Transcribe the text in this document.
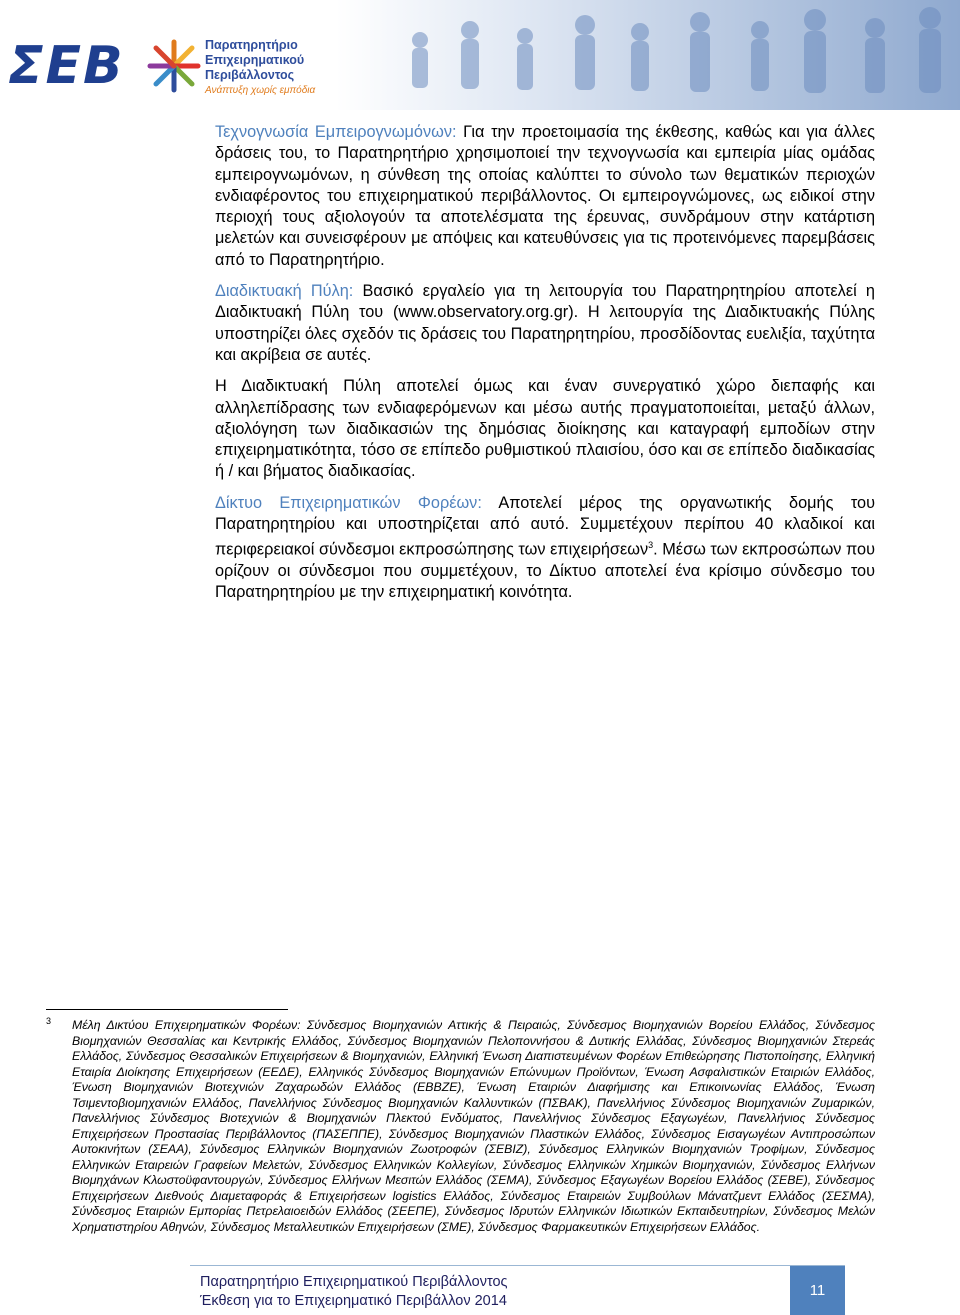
ΣΕΒ	Παρατηρητήριο
Επιχειρηματικού
Περιβάλλοντος
Ανάπτυξη χωρίς εμπόδια

Τεχνογνωσία Εμπειρογνωμόνων: Για την προετοιμασία της έκθεσης, καθώς και για άλλες δράσεις του, το Παρατηρητήριο χρησιμοποιεί την τεχνογνωσία και εμπειρία μίας ομάδας εμπειρογνωμόνων, η σύνθεση της οποίας καλύπτει το σύνολο των θεματικών περιοχών ενδιαφέροντος του επιχειρηματικού περιβάλλοντος. Οι εμπειρογνώμονες, ως ειδικοί στην περιοχή τους αξιολογούν τα αποτελέσματα της έρευνας, συνδράμουν στην κατάρτιση μελετών και συνεισφέρουν με απόψεις και κατευθύνσεις για τις προτεινόμενες παρεμβάσεις από το Παρατηρητήριο.

Διαδικτυακή Πύλη: Βασικό εργαλείο για τη λειτουργία του Παρατηρητηρίου αποτελεί η Διαδικτυακή Πύλη του (www.observatory.org.gr). Η λειτουργία της Διαδικτυακής Πύλης υποστηρίζει όλες σχεδόν τις δράσεις του Παρατηρητηρίου, προσδίδοντας ευελιξία, ταχύτητα και ακρίβεια σε αυτές.

Η Διαδικτυακή Πύλη αποτελεί όμως και έναν συνεργατικό χώρο διεπαφής και αλληλεπίδρασης των ενδιαφερόμενων και μέσω αυτής πραγματοποιείται, μεταξύ άλλων, αξιολόγηση των διαδικασιών της δημόσιας διοίκησης και καταγραφή εμποδίων στην επιχειρηματικότητα, τόσο σε επίπεδο ρυθμιστικού πλαισίου, όσο και σε επίπεδο διαδικασίας ή / και βήματος διαδικασίας.

Δίκτυο Επιχειρηματικών Φορέων: Αποτελεί μέρος της οργανωτικής δομής του Παρατηρητηρίου και υποστηρίζεται από αυτό. Συμμετέχουν περίπου 40 κλαδικοί και περιφερειακοί σύνδεσμοι εκπροσώπησης των επιχειρήσεων$^3$. Μέσω των εκπροσώπων που ορίζουν οι σύνδεσμοι που συμμετέχουν, το Δίκτυο αποτελεί ένα κρίσιμο σύνδεσμο του Παρατηρητηρίου με την επιχειρηματική κοινότητα.

3 Μέλη Δικτύου Επιχειρηματικών Φορέων: Σύνδεσμος Βιομηχανιών Αττικής & Πειραιώς, Σύνδεσμος Βιομηχανιών Βορείου Ελλάδος, Σύνδεσμος Βιομηχανιών Θεσσαλίας και Κεντρικής Ελλάδος, Σύνδεσμος Βιομηχανιών Πελοποννήσου & Δυτικής Ελλάδας, Σύνδεσμος Βιομηχανιών Στερεάς Ελλάδος, Σύνδεσμος Θεσσαλικών Επιχειρήσεων & Βιομηχανιών, Ελληνική Ένωση Διαπιστευμένων Φορέων Επιθεώρησης Πιστοποίησης, Ελληνική Εταιρία Διοίκησης Επιχειρήσεων (ΕΕΔΕ), Ελληνικός Σύνδεσμος Βιομηχανιών Επώνυμων Προϊόντων, Ένωση Ασφαλιστικών Εταιριών Ελλάδος, Ένωση Βιομηχανιών Βιοτεχνιών Ζαχαρωδών Ελλάδος (ΕΒΒΖΕ), Ένωση Εταιριών Διαφήμισης και Επικοινωνίας Ελλάδος, Ένωση Τσιμεντοβιομηχανιών Ελλάδος, Πανελλήνιος Σύνδεσμος Βιομηχανιών Καλλυντικών (ΠΣΒΑΚ), Πανελλήνιος Σύνδεσμος Βιομηχανιών Ζυμαρικών, Πανελλήνιος Σύνδεσμος Βιοτεχνιών & Βιομηχανιών Πλεκτού Ενδύματος, Πανελλήνιος Σύνδεσμος Εξαγωγέων, Πανελλήνιος Σύνδεσμος Επιχειρήσεων Προστασίας Περιβάλλοντος (ΠΑΣΕΠΠΕ), Σύνδεσμος Βιομηχανιών Πλαστικών Ελλάδος, Σύνδεσμος Εισαγωγέων Αντιπροσώπων Αυτοκινήτων (ΣΕΑΑ), Σύνδεσμος Ελληνικών Βιομηχανιών Ζωοτροφών (ΣΕΒΙΖ), Σύνδεσμος Ελληνικών Βιομηχανιών Τροφίμων, Σύνδεσμος Ελληνικών Εταιρειών Γραφείων Μελετών, Σύνδεσμος Ελληνικών Κολλεγίων, Σύνδεσμος Ελληνικών Χημικών Βιομηχανιών, Σύνδεσμος Ελλήνων Βιομηχάνων Κλωστοϋφαντουργών, Σύνδεσμος Ελλήνων Μεσιτών Ελλάδος (ΣΕΜΑ), Σύνδεσμος Εξαγωγέων Βορείου Ελλάδος (ΣΕΒΕ), Σύνδεσμος Επιχειρήσεων Διεθνούς Διαμεταφοράς & Επιχειρήσεων logistics Ελλάδος, Σύνδεσμος Εταιρειών Συμβούλων Μάνατζμεντ Ελλάδος (ΣΕΣΜΑ), Σύνδεσμος Εταιριών Εμπορίας Πετρελαιοειδών Ελλάδος (ΣΕΕΠΕ), Σύνδεσμος Ιδρυτών Ελληνικών Ιδιωτικών Εκπαιδευτηρίων, Σύνδεσμος Μελών Χρηματιστηρίου Αθηνών, Σύνδεσμος Μεταλλευτικών Επιχειρήσεων (ΣΜΕ), Σύνδεσμος Φαρμακευτικών Επιχειρήσεων Ελλάδος.
Παρατηρητήριο Επιχειρηματικού Περιβάλλοντος
Έκθεση για το Επιχειρηματικό Περιβάλλον 2014
11
